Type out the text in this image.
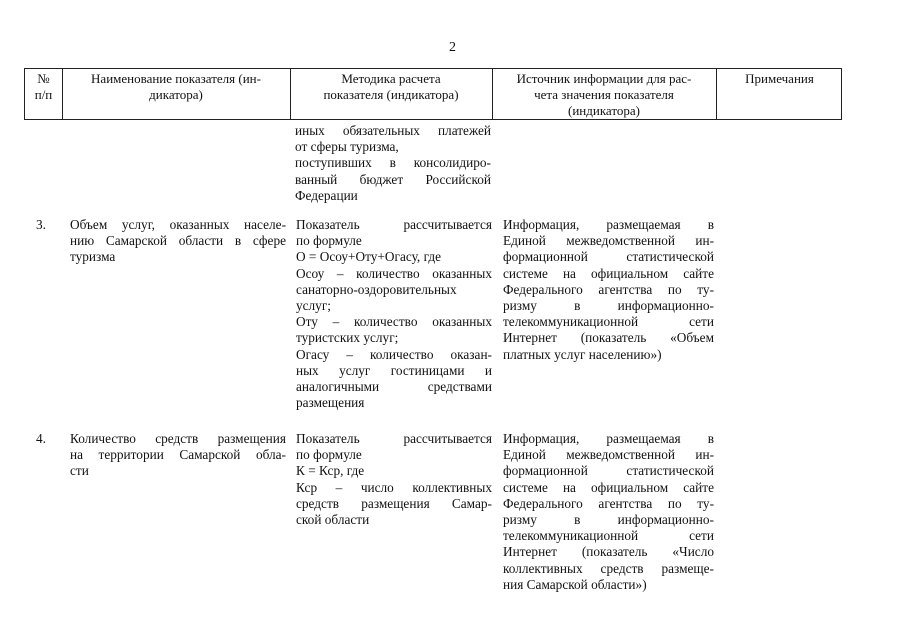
2
№
п/п
Наименование показателя (ин-
дикатора)
Методика расчета
показателя (индикатора)
Источник информации для рас-
чета значения показателя
(индикатора)
Примечания
иных обязательных платежей
от сферы туризма,
поступивших в консолидиро-
ванный бюджет Российской
Федерации
3. Объем услуг, оказанных населе-
нию Самарской области в сфере
туризма
Показатель рассчитывается
по формуле
О = Осоу+Оту+Огасу, где
Осоу – количество оказанных
санаторно-оздоровительных
услуг;
Оту – количество оказанных
туристских услуг;
Огасу – количество оказан-
ных услуг гостиницами и
аналогичными средствами
размещения
Информация, размещаемая в
Единой межведомственной ин-
формационной статистической
системе на официальном сайте
Федерального агентства по ту-
ризму в информационно-
телекоммуникационной сети
Интернет (показатель «Объем
платных услуг населению»)
4. Количество средств размещения
на территории Самарской обла-
сти
Показатель рассчитывается
по формуле
К = Кср, где
Кср – число коллективных
средств размещения Самар-
ской области
Информация, размещаемая в
Единой межведомственной ин-
формационной статистической
системе на официальном сайте
Федерального агентства по ту-
ризму в информационно-
телекоммуникационной сети
Интернет (показатель «Число
коллективных средств размеще-
ния Самарской области»)
